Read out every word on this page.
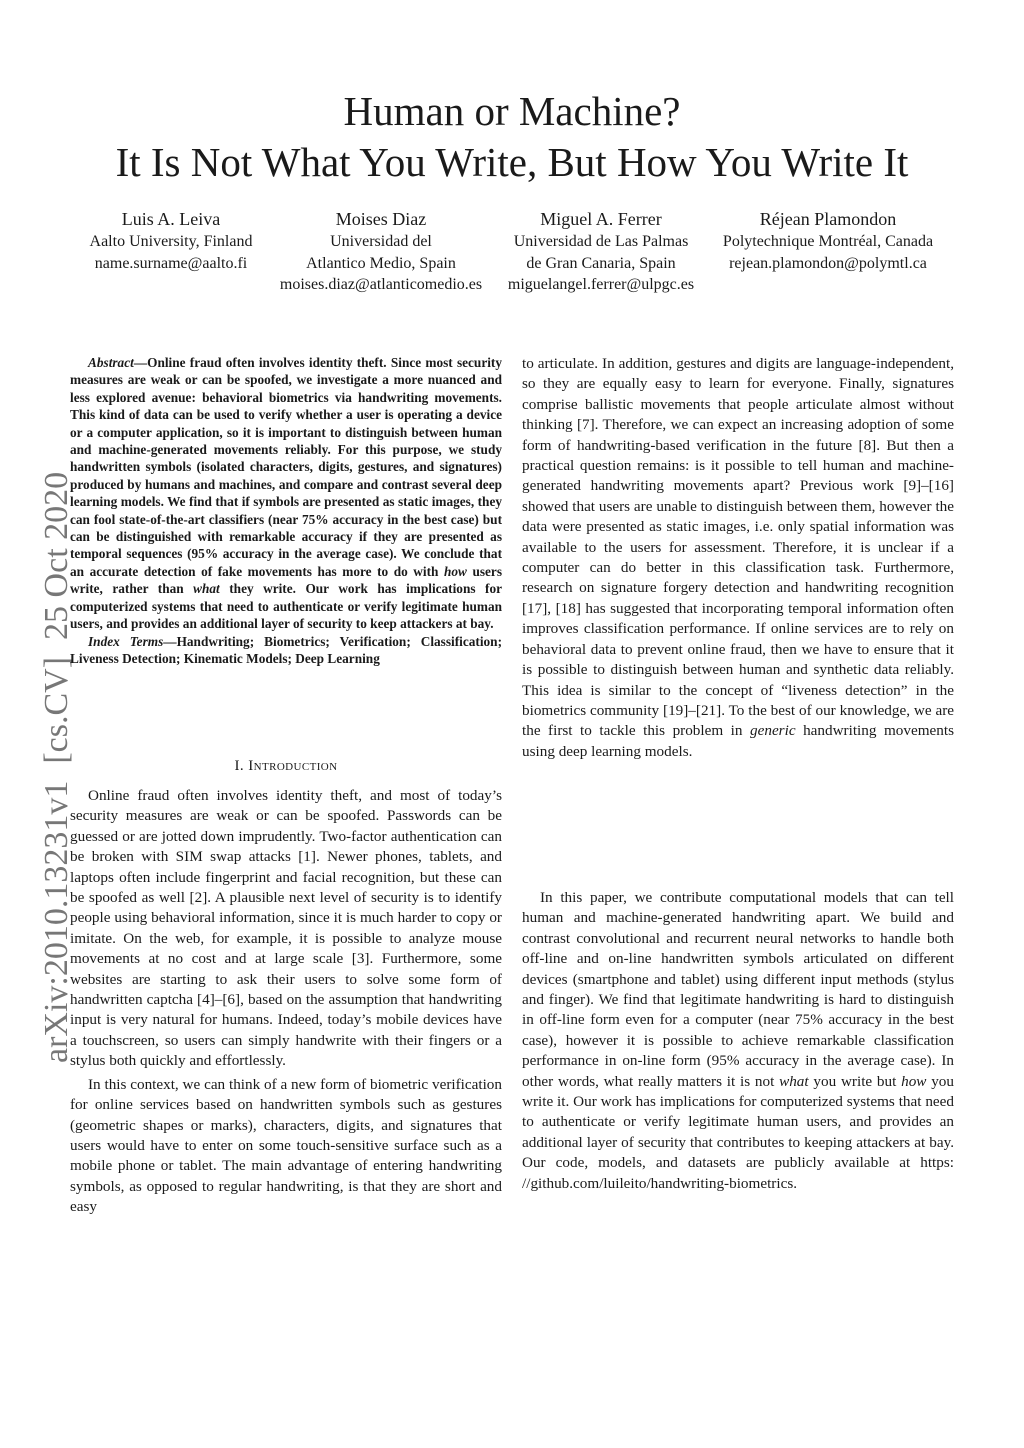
Human or Machine?
It Is Not What You Write, But How You Write It
Luis A. Leiva
Aalto University, Finland
name.surname@aalto.fi
Moises Diaz
Universidad del
Atlantico Medio, Spain
moises.diaz@atlanticomedio.es
Miguel A. Ferrer
Universidad de Las Palmas
de Gran Canaria, Spain
miguelangel.ferrer@ulpgc.es
Réjean Plamondon
Polytechnique Montréal, Canada
rejean.plamondon@polymtl.ca
arXiv:2010.13231v1  [cs.CV]  25 Oct 2020

Abstract—Online fraud often involves identity theft. Since most security measures are weak or can be spoofed, we investigate a more nuanced and less explored avenue: behavioral biometrics via handwriting movements. This kind of data can be used to verify whether a user is operating a device or a computer application, so it is important to distinguish between human and machine-generated movements reliably. For this purpose, we study handwritten symbols (isolated characters, digits, gestures, and signatures) produced by humans and machines, and compare and contrast several deep learning models. We find that if symbols are presented as static images, they can fool state-of-the-art classifiers (near 75% accuracy in the best case) but can be distinguished with remarkable accuracy if they are presented as temporal sequences (95% accuracy in the average case). We conclude that an accurate detection of fake movements has more to do with how users write, rather than what they write. Our work has implications for computerized systems that need to authenticate or verify legitimate human users, and provides an additional layer of security to keep attackers at bay.

Index Terms—Handwriting; Biometrics; Verification; Classification; Liveness Detection; Kinematic Models; Deep Learning

I. Introduction

Online fraud often involves identity theft, and most of today’s security measures are weak or can be spoofed. Passwords can be guessed or are jotted down imprudently. Two-factor authentication can be broken with SIM swap attacks [1]. Newer phones, tablets, and laptops often include fingerprint and facial recognition, but these can be spoofed as well [2]. A plausible next level of security is to identify people using behavioral information, since it is much harder to copy or imitate. On the web, for example, it is possible to analyze mouse movements at no cost and at large scale [3]. Furthermore, some websites are starting to ask their users to solve some form of handwritten captcha [4]–[6], based on the assumption that handwriting input is very natural for humans. Indeed, today’s mobile devices have a touchscreen, so users can simply handwrite with their fingers or a stylus both quickly and effortlessly.

In this context, we can think of a new form of biometric verification for online services based on handwritten symbols such as gestures (geometric shapes or marks), characters, digits, and signatures that users would have to enter on some touch-sensitive surface such as a mobile phone or tablet. The main advantage of entering handwriting symbols, as opposed to regular handwriting, is that they are short and easy

to articulate. In addition, gestures and digits are language-independent, so they are equally easy to learn for everyone. Finally, signatures comprise ballistic movements that people articulate almost without thinking [7]. Therefore, we can expect an increasing adoption of some form of handwriting-based verification in the future [8]. But then a practical question remains: is it possible to tell human and machine-generated handwriting movements apart? Previous work [9]–[16] showed that users are unable to distinguish between them, however the data were presented as static images, i.e. only spatial information was available to the users for assessment. Therefore, it is unclear if a computer can do better in this classification task. Furthermore, research on signature forgery detection and handwriting recognition [17], [18] has suggested that incorporating temporal information often improves classification performance. If online services are to rely on behavioral data to prevent online fraud, then we have to ensure that it is possible to distinguish between human and synthetic data reliably. This idea is similar to the concept of “liveness detection” in the biometrics community [19]–[21]. To the best of our knowledge, we are the first to tackle this problem in generic handwriting movements using deep learning models.

In this paper, we contribute computational models that can tell human and machine-generated handwriting apart. We build and contrast convolutional and recurrent neural networks to handle both off-line and on-line handwritten symbols articulated on different devices (smartphone and tablet) using different input methods (stylus and finger). We find that legitimate handwriting is hard to distinguish in off-line form even for a computer (near 75% accuracy in the best case), however it is possible to achieve remarkable classification performance in on-line form (95% accuracy in the average case). In other words, what really matters it is not what you write but how you write it. Our work has implications for computerized systems that need to authenticate or verify legitimate human users, and provides an additional layer of security that contributes to keeping attackers at bay. Our code, models, and datasets are publicly available at https: //github.com/luileito/handwriting-biometrics.
